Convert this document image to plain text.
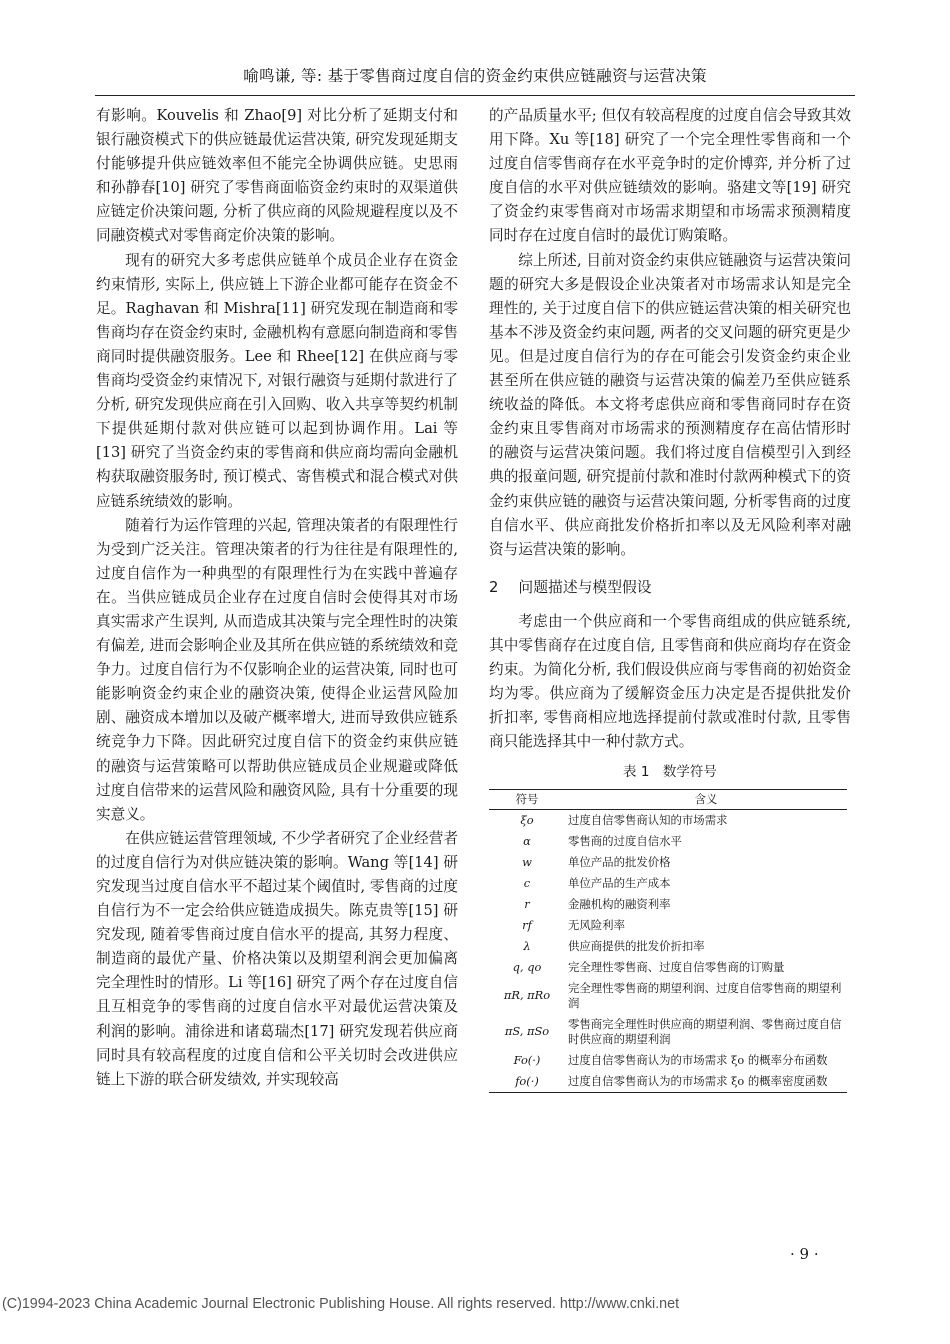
喻鸣谦, 等: 基于零售商过度自信的资金约束供应链融资与运营决策

有影响。Kouvelis 和 Zhao[9] 对比分析了延期支付和银行融资模式下的供应链最优运营决策, 研究发现延期支付能够提升供应链效率但不能完全协调供应链。史思雨和孙静春[10] 研究了零售商面临资金约束时的双渠道供应链定价决策问题, 分析了供应商的风险规避程度以及不同融资模式对零售商定价决策的影响。

现有的研究大多考虑供应链单个成员企业存在资金约束情形, 实际上, 供应链上下游企业都可能存在资金不足。Raghavan 和 Mishra[11] 研究发现在制造商和零售商均存在资金约束时, 金融机构有意愿向制造商和零售商同时提供融资服务。Lee 和 Rhee[12] 在供应商与零售商均受资金约束情况下, 对银行融资与延期付款进行了分析, 研究发现供应商在引入回购、收入共享等契约机制下提供延期付款对供应链可以起到协调作用。Lai 等[13] 研究了当资金约束的零售商和供应商均需向金融机构获取融资服务时, 预订模式、寄售模式和混合模式对供应链系统绩效的影响。

随着行为运作管理的兴起, 管理决策者的有限理性行为受到广泛关注。管理决策者的行为往往是有限理性的, 过度自信作为一种典型的有限理性行为在实践中普遍存在。当供应链成员企业存在过度自信时会使得其对市场真实需求产生误判, 从而造成其决策与完全理性时的决策有偏差, 进而会影响企业及其所在供应链的系统绩效和竞争力。过度自信行为不仅影响企业的运营决策, 同时也可能影响资金约束企业的融资决策, 使得企业运营风险加剧、融资成本增加以及破产概率增大, 进而导致供应链系统竞争力下降。因此研究过度自信下的资金约束供应链的融资与运营策略可以帮助供应链成员企业规避或降低过度自信带来的运营风险和融资风险, 具有十分重要的现实意义。

在供应链运营管理领域, 不少学者研究了企业经营者的过度自信行为对供应链决策的影响。Wang 等[14] 研究发现当过度自信水平不超过某个阈值时, 零售商的过度自信行为不一定会给供应链造成损失。陈克贵等[15] 研究发现, 随着零售商过度自信水平的提高, 其努力程度、制造商的最优产量、价格决策以及期望利润会更加偏离完全理性时的情形。Li 等[16] 研究了两个存在过度自信且互相竞争的零售商的过度自信水平对最优运营决策及利润的影响。浦徐进和诸葛瑞杰[17] 研究发现若供应商同时具有较高程度的过度自信和公平关切时会改进供应链上下游的联合研发绩效, 并实现较高

的产品质量水平; 但仅有较高程度的过度自信会导致其效用下降。Xu 等[18] 研究了一个完全理性零售商和一个过度自信零售商存在水平竞争时的定价博弈, 并分析了过度自信的水平对供应链绩效的影响。骆建文等[19] 研究了资金约束零售商对市场需求期望和市场需求预测精度同时存在过度自信时的最优订购策略。

综上所述, 目前对资金约束供应链融资与运营决策问题的研究大多是假设企业决策者对市场需求认知是完全理性的, 关于过度自信下的供应链运营决策的相关研究也基本不涉及资金约束问题, 两者的交叉问题的研究更是少见。但是过度自信行为的存在可能会引发资金约束企业甚至所在供应链的融资与运营决策的偏差乃至供应链系统收益的降低。本文将考虑供应商和零售商同时存在资金约束且零售商对市场需求的预测精度存在高估情形时的融资与运营决策问题。我们将过度自信模型引入到经典的报童问题, 研究提前付款和准时付款两种模式下的资金约束供应链的融资与运营决策问题, 分析零售商的过度自信水平、供应商批发价格折扣率以及无风险利率对融资与运营决策的影响。

2 问题描述与模型假设

考虑由一个供应商和一个零售商组成的供应链系统, 其中零售商存在过度自信, 且零售商和供应商均存在资金约束。为简化分析, 我们假设供应商与零售商的初始资金均为零。供应商为了缓解资金压力决定是否提供批发价折扣率, 零售商相应地选择提前付款或准时付款, 且零售商只能选择其中一种付款方式。

表 1　数学符号
符号	含义
ξo	过度自信零售商认知的市场需求
α	零售商的过度自信水平
w	单位产品的批发价格
c	单位产品的生产成本
r	金融机构的融资利率
rf	无风险利率
λ	供应商提供的批发价折扣率
q, qo	完全理性零售商、过度自信零售商的订购量
πR, πRo	完全理性零售商的期望利润、过度自信零售商的期望利润
πS, πSo	零售商完全理性时供应商的期望利润、零售商过度自信时供应商的期望利润
Fo(·)	过度自信零售商认为的市场需求 ξo 的概率分布函数
fo(·)	过度自信零售商认为的市场需求 ξo 的概率密度函数
· 9 ·
(C)1994-2023 China Academic Journal Electronic Publishing House. All rights reserved. http://www.cnki.net
